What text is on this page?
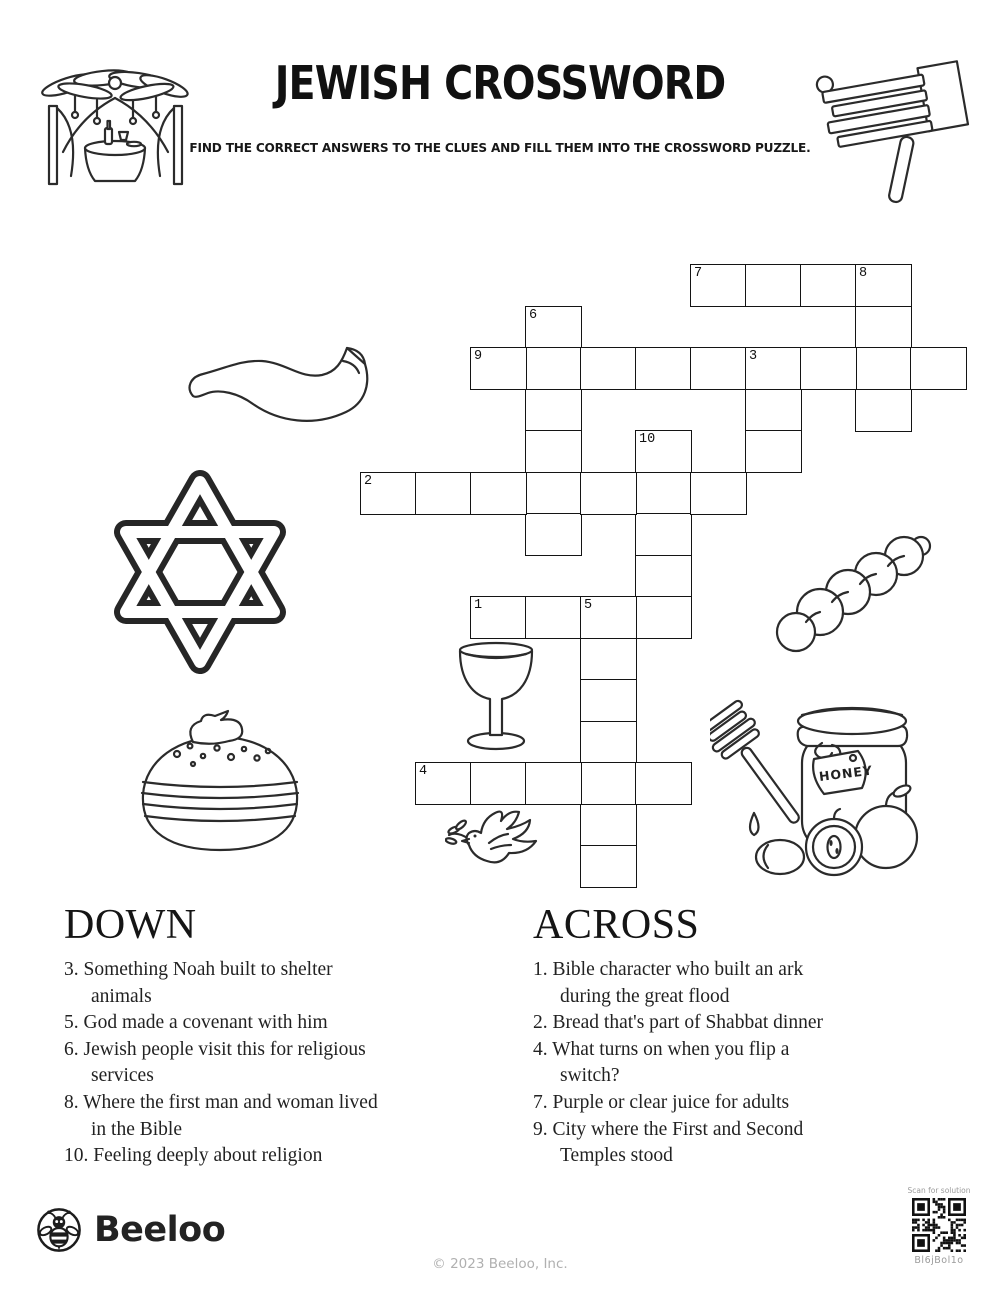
JEWISH CROSSWORD
FIND THE CORRECT ANSWERS TO THE CLUES AND FILL THEM INTO THE CROSSWORD PUZZLE.
HONEY
7	8
6
9	3
10
2
1	5
4
DOWN
3. Something Noah built to shelter animals
5. God made a covenant with him
6. Jewish people visit this for religious services
8. Where the first man and woman lived in the Bible
10. Feeling deeply about religion
ACROSS
1. Bible character who built an ark during the great flood
2. Bread that's part of Shabbat dinner
4. What turns on when you flip a switch?
7. Purple or clear juice for adults
9. City where the First and Second Temples stood
Beeloo
© 2023 Beeloo, Inc.
Scan for solution
Bl6jBol1o
